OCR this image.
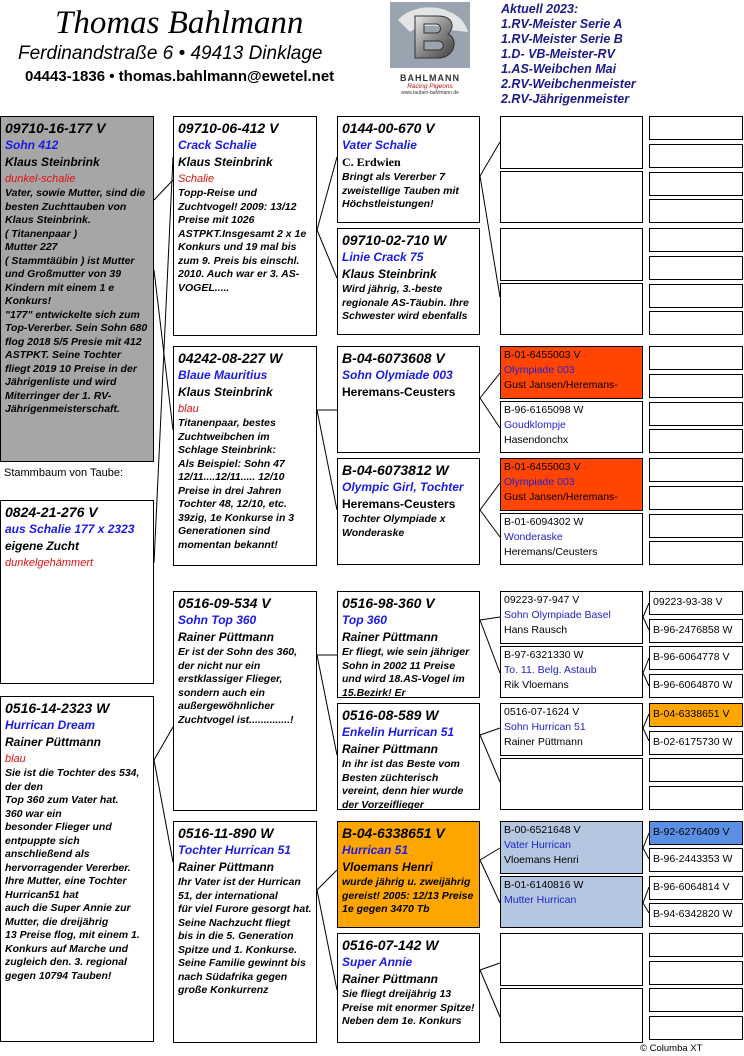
Thomas Bahlmann
Ferdinandstraße 6 • 49413 Dinklage
04443-1836 • thomas.bahlmann@ewetel.net	BAHLMANN
Racing Pigeons
www.tauben-bahlmann.de
Aktuell 2023:
1.RV-Meister Serie A
1.RV-Meister Serie B
1.D- VB-Meister-RV
1.AS-Weibchen Mai
2.RV-Weibchenmeister
2.RV-Jährigenmeister
09710-16-177 V
Sohn 412
Klaus Steinbrink
dunkel-schalie
Vater, sowie Mutter, sind die besten Zuchttauben von Klaus Steinbrink.
( Titanenpaar )
Mutter 227
( Stammtäübin ) ist Mutter und Großmutter von 39 Kindern mit einem 1 e Konkurs!
"177" entwickelte sich zum Top-Vererber. Sein Sohn 680 flog 2018 5/5 Presie mit 412 ASTPKT. Seine Tochter fliegt 2019 10 Preise in der Jährigenliste und wird Miterringer der 1. RV-Jährigenmeisterschaft.
Stammbaum von Taube:
0824-21-276 V
aus Schalie 177 x 2323
eigene Zucht
dunkelgehämmert
0516-14-2323 W
Hurrican Dream
Rainer Püttmann
blau
Sie ist die Tochter des 534, der den
Top 360 zum Vater hat.
360 war ein
besonder Flieger und entpuppte sich anschließend als hervorragender Vererber.
Ihre Mutter, eine Tochter Hurrican51 hat
auch die Super Annie zur Mutter, die dreijährig
13 Preise flog, mit einem 1. Konkurs auf Marche und zugleich den. 3. regional gegen 10794 Tauben!
09710-06-412 V
Crack Schalie
Klaus Steinbrink
Schalie
Topp-Reise und Zuchtvogel! 2009: 13/12 Preise mit 1026 ASTPKT.Insgesamt 2 x 1e Konkurs und 19 mal bis zum 9. Preis bis einschl. 2010. Auch war er 3. AS- VOGEL.....
04242-08-227 W
Blaue Mauritius
Klaus Steinbrink
blau
Titanenpaar, bestes Zuchtweibchen im Schlage Steinbrink:
Als Beispiel: Sohn 47
12/11....12/11..... 12/10 Preise in drei Jahren Tochter 48, 12/10, etc. 39zig, 1e Konkurse in 3 Generationen sind momentan bekannt!
0516-09-534 V
Sohn Top 360
Rainer Püttmann
Er ist der Sohn des 360, der nicht nur ein erstklassiger Flieger, sondern auch ein außergewöhnlicher Zuchtvogel ist..............!
0516-11-890 W
Tochter Hurrican 51
Rainer Püttmann
Ihr Vater ist der Hurrican 51, der international
für viel Furore gesorgt hat. Seine Nachzucht fliegt
bis in die 5. Generation Spitze und 1. Konkurse. Seine Familie gewinnt bis nach Südafrika gegen
große Konkurrenz
0144-00-670 V
Vater Schalie
C. Erdwien
Bringt als Vererber 7 zweistellige Tauben mit Höchstleistungen!
09710-02-710 W
Linie Crack 75
Klaus Steinbrink
Wird jährig, 3.-beste regionale AS-Täubin. Ihre Schwester wird ebenfalls
B-04-6073608 V
Sohn Olymiade 003
Heremans-Ceusters
B-04-6073812 W
Olympic Girl, Tochter
Heremans-Ceusters
Tochter Olympiade x Wonderaske
0516-98-360 V
Top 360
Rainer Püttmann
Er fliegt, wie sein jähriger Sohn in 2002 11 Preise und wird 18.AS-Vogel im 15.Bezirk! Er
0516-08-589 W
Enkelin Hurrican 51
Rainer Püttmann
In ihr ist das Beste vom Besten züchterisch vereint, denn hier wurde der Vorzeiflieger
B-04-6338651 V
Hurrican 51
Vloemans Henri
wurde jährig u. zweijährig gereist! 2005: 12/13 Preise 1e gegen 3470 Tb
0516-07-142 W
Super Annie
Rainer Püttmann
Sie fliegt dreijährig 13 Preise mit enormer Spitze!
Neben dem 1e. Konkurs
B-01-6455003 V
Olympiade 003
Gust Jansen/Heremans-
B-96-6165098 W
Goudklompje
Hasendonchx
B-01-6455003 V
Olympiade 003
Gust Jansen/Heremans-
B-01-6094302 W
Wonderaske
Heremans/Ceusters
09223-97-947 V
Sohn Olympiade Basel
Hans Rausch
B-97-6321330 W
To. 11. Belg. Astaub
Rik Vloemans
0516-07-1624 V
Sohn Hurrican 51
Rainer Püttmann
B-00-6521648 V
Vater Hurrican
Vloemans Henri
B-01-6140816 W
Mutter Hurrican
09223-93-38 V
B-96-2476858 W
B-96-6064778 V
B-96-6064870 W
B-04-6338651 V
B-02-6175730 W
B-92-6276409 V
B-96-2443353 W
B-96-6064814 V
B-94-6342820 W
© Columba XT
